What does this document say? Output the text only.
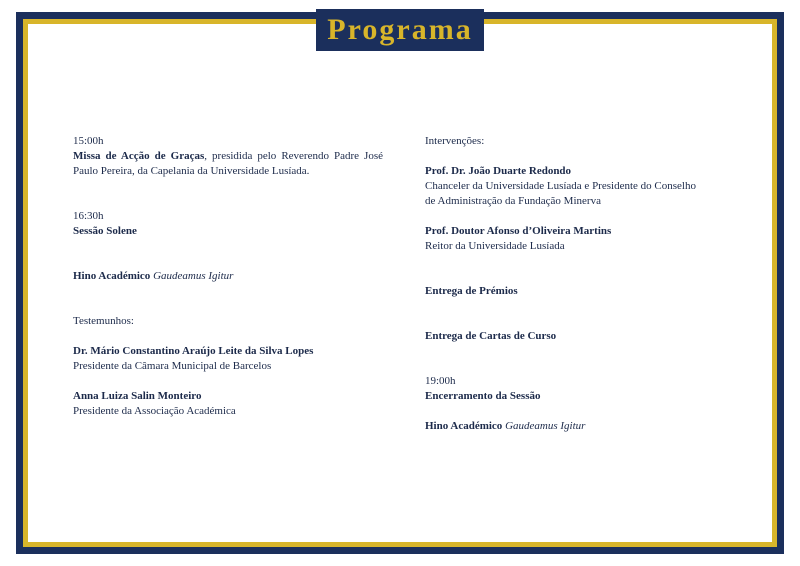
Programa
15:00h
Missa de Acção de Graças, presidida pelo Reverendo Padre José Paulo Pereira, da Capelania da Universidade Lusíada.
16:30h
Sessão Solene
Hino Académico Gaudeamus Igitur
Testemunhos:
Dr. Mário Constantino Araújo Leite da Silva Lopes
Presidente da Câmara Municipal de Barcelos
Anna Luiza Salin Monteiro
Presidente da Associação Académica
Intervenções:
Prof. Dr. João Duarte Redondo
Chanceler da Universidade Lusíada e Presidente do Conselho
de Administração da Fundação Minerva
Prof. Doutor Afonso d’Oliveira Martins
Reitor da Universidade Lusíada
Entrega de Prémios
Entrega de Cartas de Curso
19:00h
Encerramento da Sessão
Hino Académico Gaudeamus Igitur
